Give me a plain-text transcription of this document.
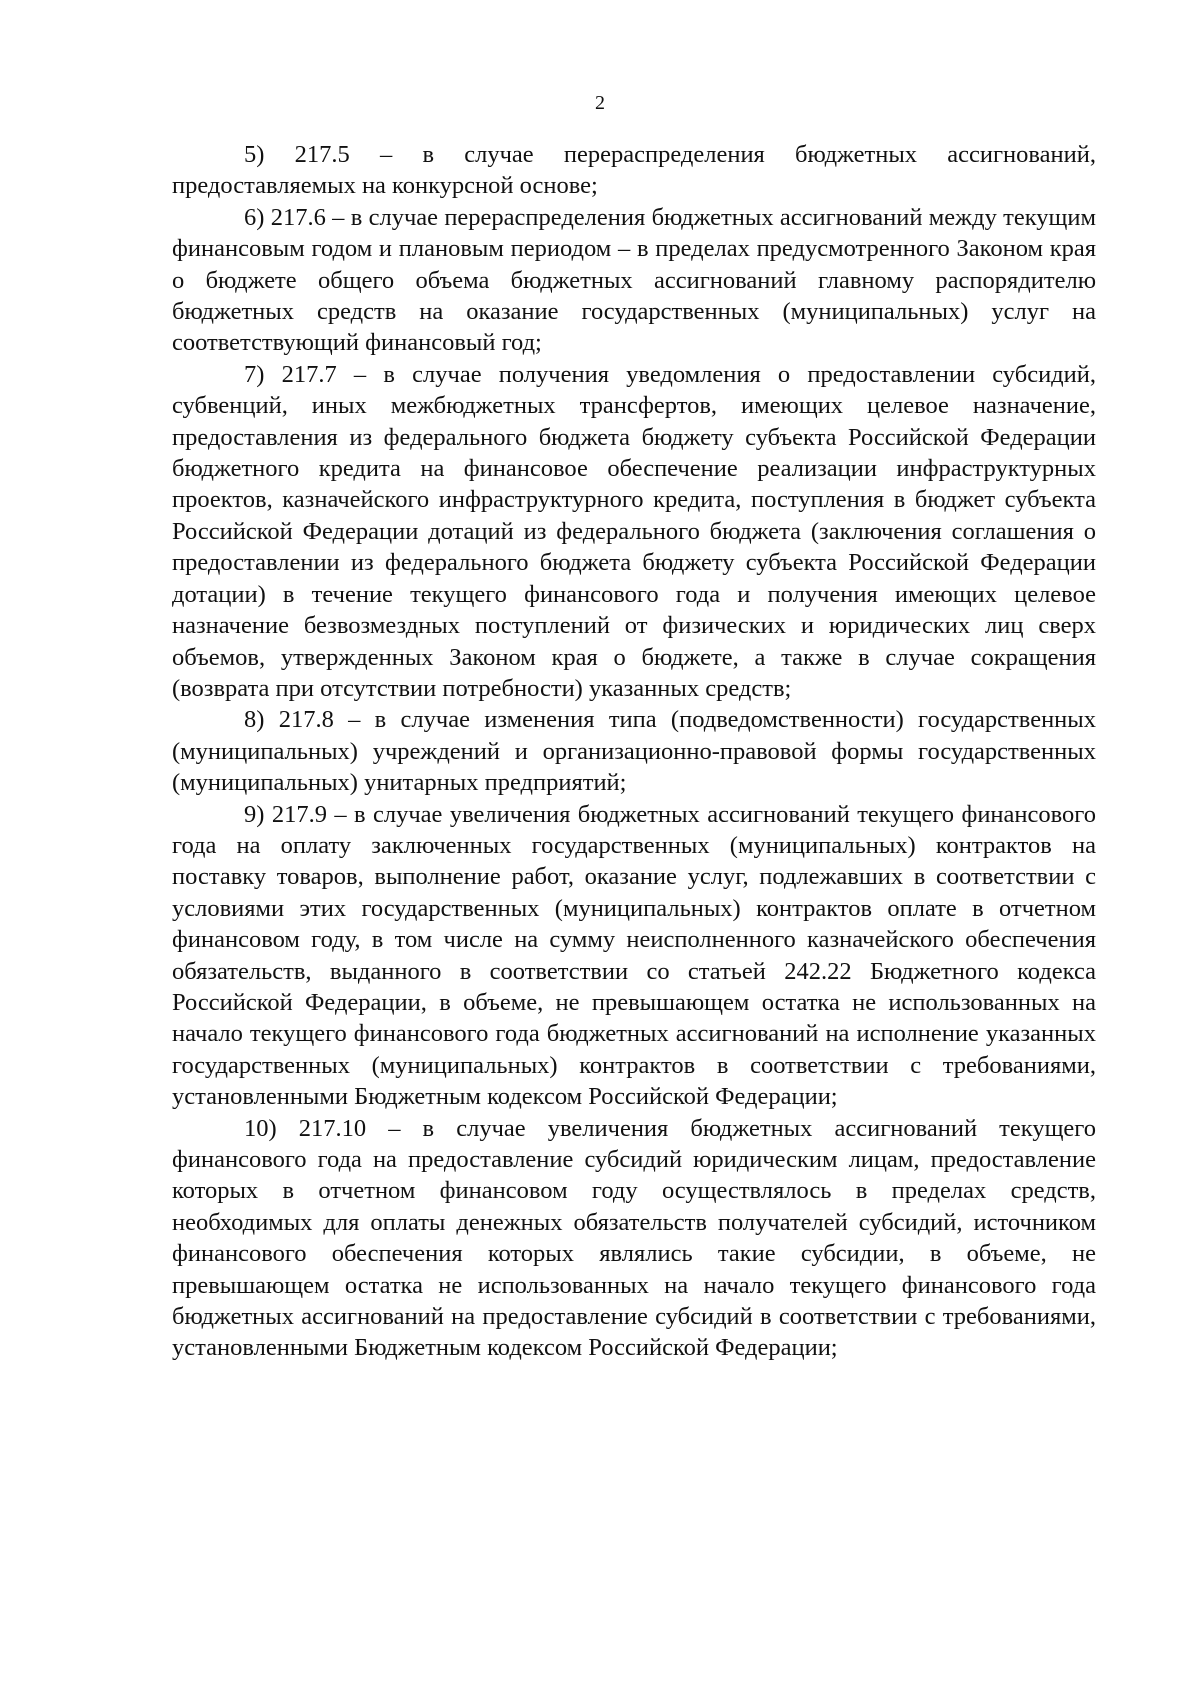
2

5) 217.5 – в случае перераспределения бюджетных ассигнований, предоставляемых на конкурсной основе;

6) 217.6 – в случае перераспределения бюджетных ассигнований между текущим финансовым годом и плановым периодом – в пределах предусмотренного Законом края о бюджете общего объема бюджетных ассигнований главному распорядителю бюджетных средств на оказание государственных (муниципальных) услуг на соответствующий финансовый год;

7) 217.7 – в случае получения уведомления о предоставлении субсидий, субвенций, иных межбюджетных трансфертов, имеющих целевое назначение, предоставления из федерального бюджета бюджету субъекта Российской Федерации бюджетного кредита на финансовое обеспечение реализации инфраструктурных проектов, казначейского инфраструктурного кредита, поступления в бюджет субъекта Российской Федерации дотаций из федерального бюджета (заключения соглашения о предоставлении из федерального бюджета бюджету субъекта Российской Федерации дотации) в течение текущего финансового года и получения имеющих целевое назначение безвозмездных поступлений от физических и юридических лиц сверх объемов, утвержденных Законом края о бюджете, а также в случае сокращения (возврата при отсутствии потребности) указанных средств;

8) 217.8 – в случае изменения типа (подведомственности) государственных (муниципальных) учреждений и организационно-правовой формы государственных (муниципальных) унитарных предприятий;

9) 217.9 – в случае увеличения бюджетных ассигнований текущего финансового года на оплату заключенных государственных (муниципальных) контрактов на поставку товаров, выполнение работ, оказание услуг, подлежавших в соответствии с условиями этих государственных (муниципальных) контрактов оплате в отчетном финансовом году, в том числе на сумму неисполненного казначейского обеспечения обязательств, выданного в соответствии со статьей 242.22 Бюджетного кодекса Российской Федерации, в объеме, не превышающем остатка не использованных на начало текущего финансового года бюджетных ассигнований на исполнение указанных государственных (муниципальных) контрактов в соответствии с требованиями, установленными Бюджетным кодексом Российской Федерации;

10) 217.10 – в случае увеличения бюджетных ассигнований текущего финансового года на предоставление субсидий юридическим лицам, предоставление которых в отчетном финансовом году осуществлялось в пределах средств, необходимых для оплаты денежных обязательств получателей субсидий, источником финансового обеспечения которых являлись такие субсидии, в объеме, не превышающем остатка не использованных на начало текущего финансового года бюджетных ассигнований на предоставление субсидий в соответствии с требованиями, установленными Бюджетным кодексом Российской Федерации;
